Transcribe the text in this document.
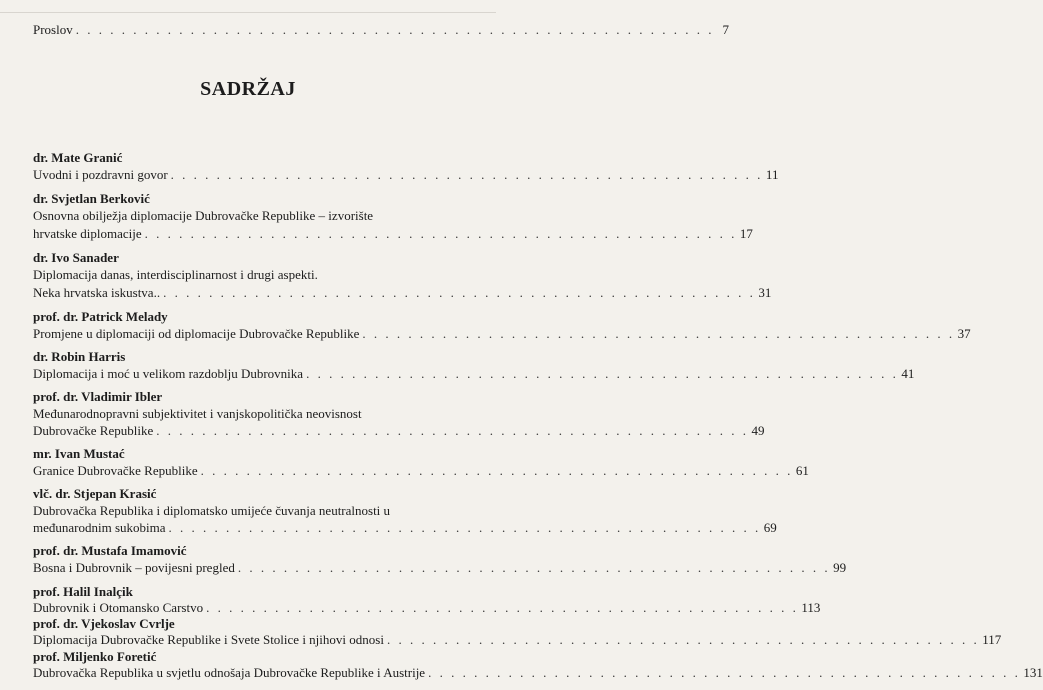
Proslov . . . . . . . . . . . . . . . . . . . . . . . . . . . . . . . . . . . . . . . . . . . . . . . . . . . . . . . . 7
SADRŽAJ
dr. Mate Granić
Uvodni i pozdravni govor . . . . . . . . . . . . . . . . . . . . . . . . . . . . . . . . . . . . . . . . . . . . . . . . . . . . 11
dr. Svjetlan Berković
Osnovna obilježja diplomacije Dubrovačke Republike – izvorište
hrvatske diplomacije . . . . . . . . . . . . . . . . . . . . . . . . . . . . . . . . . . . . . . . . . . . . . . . . . . . . 17
dr. Ivo Sanader
Diplomacija danas, interdisciplinarnost i drugi aspekti.
Neka hrvatska iskustva.. . . . . . . . . . . . . . . . . . . . . . . . . . . . . . . . . . . . . . . . . . . . . . . . . . . . . 31
prof. dr. Patrick Melady
Promjene u diplomaciji od diplomacije Dubrovačke Republike . . . . . . . . . . . . . . . . . . . . . . . . . . . . . . . . . . . . . . . . . . . . . . . . . . . . 37
dr. Robin Harris
Diplomacija i moć u velikom razdoblju Dubrovnika . . . . . . . . . . . . . . . . . . . . . . . . . . . . . . . . . . . . . . . . . . . . . . . . . . . . 41
prof. dr. Vladimir Ibler
Međunarodnopravni subjektivitet i vanjskopolitička neovisnost
Dubrovačke Republike . . . . . . . . . . . . . . . . . . . . . . . . . . . . . . . . . . . . . . . . . . . . . . . . . . . . 49
mr. Ivan Mustać
Granice Dubrovačke Republike . . . . . . . . . . . . . . . . . . . . . . . . . . . . . . . . . . . . . . . . . . . . . . . . . . . . 61
vlč. dr. Stjepan Krasić
Dubrovačka Republika i diplomatsko umijeće čuvanja neutralnosti u
međunarodnim sukobima . . . . . . . . . . . . . . . . . . . . . . . . . . . . . . . . . . . . . . . . . . . . . . . . . . . . 69
prof. dr. Mustafa Imamović
Bosna i Dubrovnik – povijesni pregled . . . . . . . . . . . . . . . . . . . . . . . . . . . . . . . . . . . . . . . . . . . . . . . . . . . . 99
prof. Halil Inalçik
Dubrovnik i Otomansko Carstvo . . . . . . . . . . . . . . . . . . . . . . . . . . . . . . . . . . . . . . . . . . . . . . . . . . . . 113
prof. dr. Vjekoslav Cvrlje
Diplomacija Dubrovačke Republike i Svete Stolice i njihovi odnosi . . . . . . . . . . . . . . . . . . . . . . . . . . . . . . . . . . . . . . . . . . . . . . . . . . . . 117
prof. Miljenko Foretić
Dubrovačka Republika u svjetlu odnošaja Dubrovačke Republike i Austrije . . . . . . . . . . . . . . . . . . . . . . . . . . . . . . . . . . . . . . . . . . . . . . . . . . . . 131
